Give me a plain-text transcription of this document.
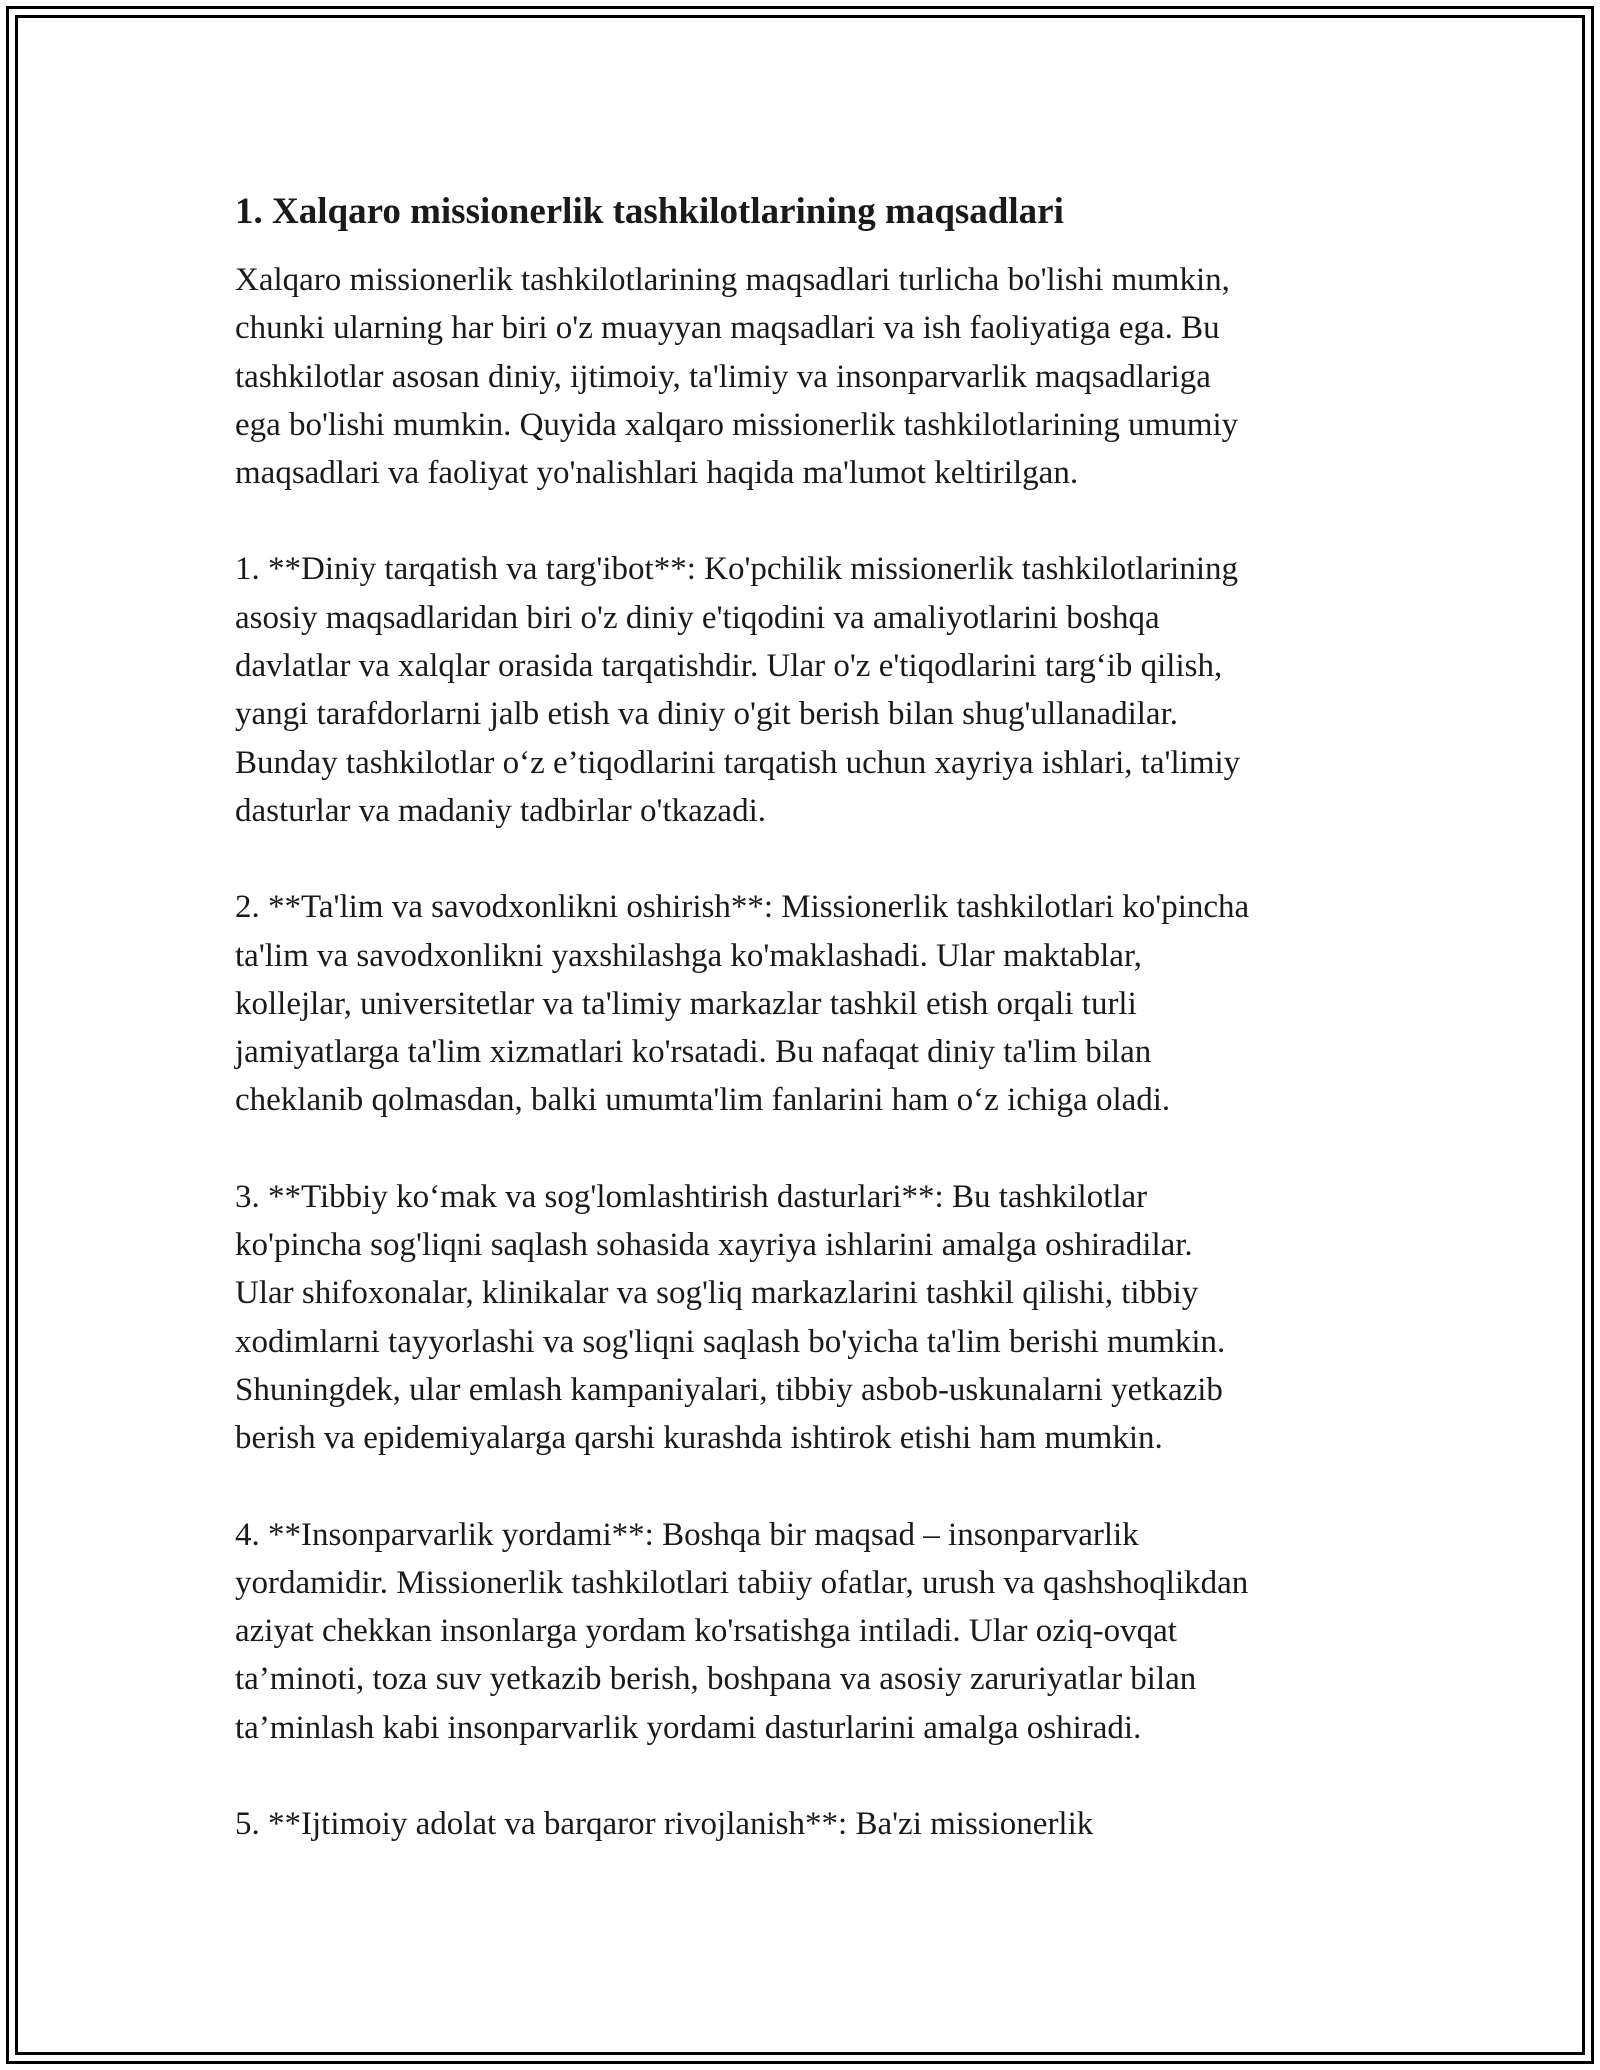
1. Xalqaro missionerlik tashkilotlarining maqsadlari

Xalqaro missionerlik tashkilotlarining maqsadlari turlicha bo'lishi mumkin,
chunki ularning har biri o'z muayyan maqsadlari va ish faoliyatiga ega. Bu
tashkilotlar asosan diniy, ijtimoiy, ta'limiy va insonparvarlik maqsadlariga
ega bo'lishi mumkin. Quyida xalqaro missionerlik tashkilotlarining umumiy
maqsadlari va faoliyat yo'nalishlari haqida ma'lumot keltirilgan.

1. **Diniy tarqatish va targ'ibot**: Ko'pchilik missionerlik tashkilotlarining
asosiy maqsadlaridan biri o'z diniy e'tiqodini va amaliyotlarini boshqa
davlatlar va xalqlar orasida tarqatishdir. Ular o'z e'tiqodlarini targ‘ib qilish,
yangi tarafdorlarni jalb etish va diniy o'git berish bilan shug'ullanadilar.
Bunday tashkilotlar o‘z e’tiqodlarini tarqatish uchun xayriya ishlari, ta'limiy
dasturlar va madaniy tadbirlar o'tkazadi.

2. **Ta'lim va savodxonlikni oshirish**: Missionerlik tashkilotlari ko'pincha
ta'lim va savodxonlikni yaxshilashga ko'maklashadi. Ular maktablar,
kollejlar, universitetlar va ta'limiy markazlar tashkil etish orqali turli
jamiyatlarga ta'lim xizmatlari ko'rsatadi. Bu nafaqat diniy ta'lim bilan
cheklanib qolmasdan, balki umumta'lim fanlarini ham o‘z ichiga oladi.

3. **Tibbiy ko‘mak va sog'lomlashtirish dasturlari**: Bu tashkilotlar
ko'pincha sog'liqni saqlash sohasida xayriya ishlarini amalga oshiradilar.
Ular shifoxonalar, klinikalar va sog'liq markazlarini tashkil qilishi, tibbiy
xodimlarni tayyorlashi va sog'liqni saqlash bo'yicha ta'lim berishi mumkin.
Shuningdek, ular emlash kampaniyalari, tibbiy asbob-uskunalarni yetkazib
berish va epidemiyalarga qarshi kurashda ishtirok etishi ham mumkin.

4. **Insonparvarlik yordami**: Boshqa bir maqsad – insonparvarlik
yordamidir. Missionerlik tashkilotlari tabiiy ofatlar, urush va qashshoqlikdan
aziyat chekkan insonlarga yordam ko'rsatishga intiladi. Ular oziq-ovqat
ta’minoti, toza suv yetkazib berish, boshpana va asosiy zaruriyatlar bilan
ta’minlash kabi insonparvarlik yordami dasturlarini amalga oshiradi.

5. **Ijtimoiy adolat va barqaror rivojlanish**: Ba'zi missionerlik
